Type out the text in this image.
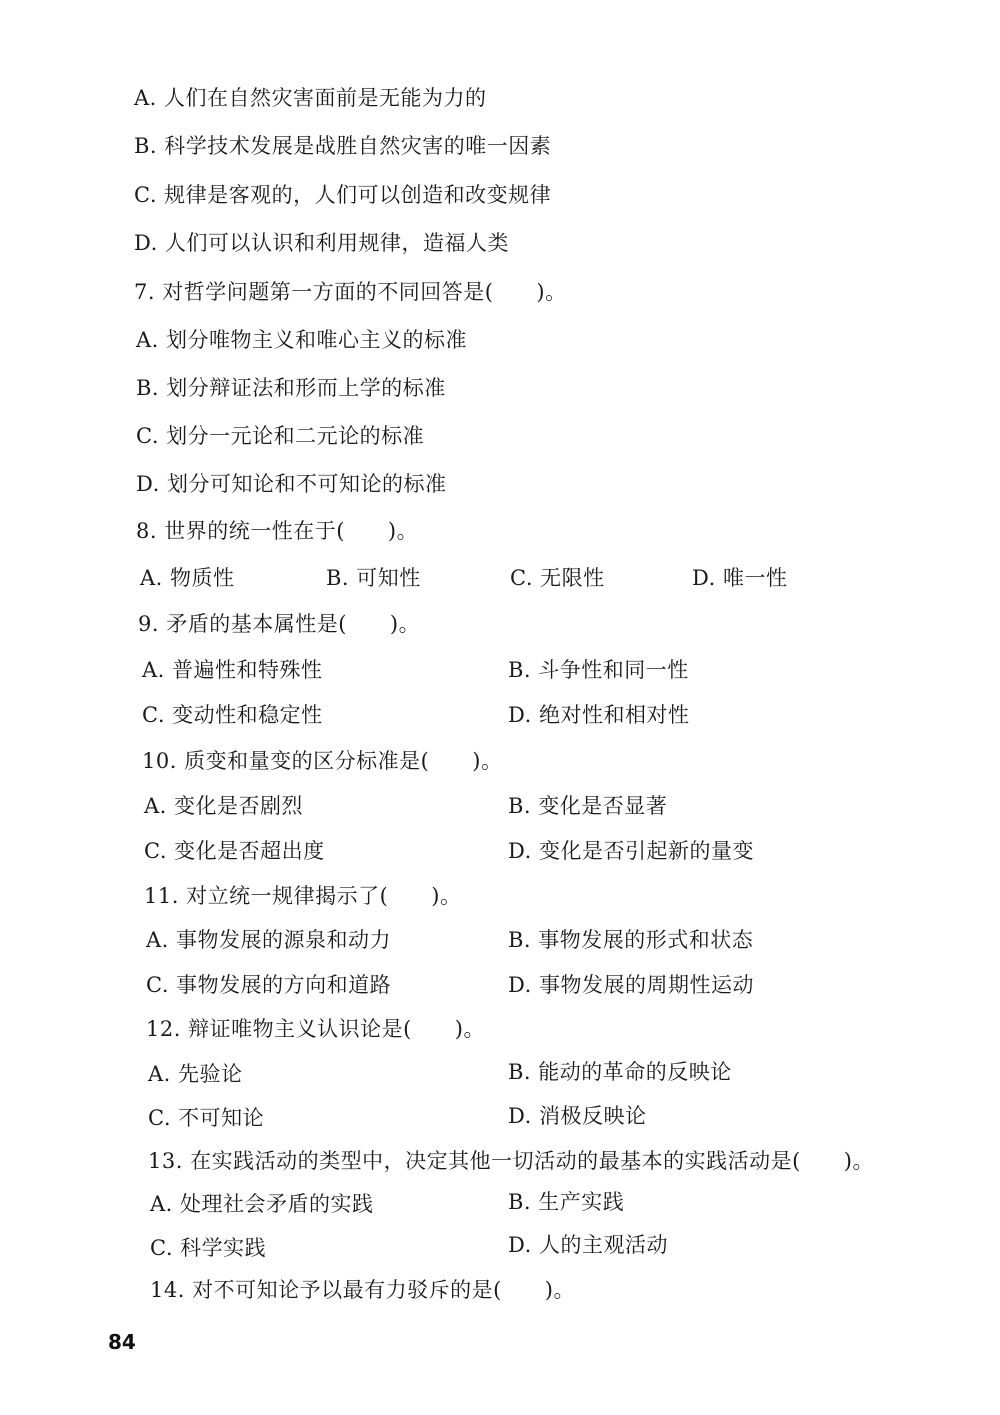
A. 人们在自然灾害面前是无能为力的
B. 科学技术发展是战胜自然灾害的唯一因素
C. 规律是客观的，人们可以创造和改变规律
D. 人们可以认识和利用规律，造福人类
7. 对哲学问题第一方面的不同回答是(　　)。
A. 划分唯物主义和唯心主义的标准
B. 划分辩证法和形而上学的标准
C. 划分一元论和二元论的标准
D. 划分可知论和不可知论的标准
8. 世界的统一性在于(　　)。
A. 物质性	B. 可知性	C. 无限性	D. 唯一性
9. 矛盾的基本属性是(　　)。
A. 普遍性和特殊性	B. 斗争性和同一性
C. 变动性和稳定性	D. 绝对性和相对性
10. 质变和量变的区分标准是(　　)。
A. 变化是否剧烈	B. 变化是否显著
C. 变化是否超出度	D. 变化是否引起新的量变
11. 对立统一规律揭示了(　　)。
A. 事物发展的源泉和动力	B. 事物发展的形式和状态
C. 事物发展的方向和道路	D. 事物发展的周期性运动
12. 辩证唯物主义认识论是(　　)。
A. 先验论	B. 能动的革命的反映论
C. 不可知论	D. 消极反映论
13. 在实践活动的类型中，决定其他一切活动的最基本的实践活动是(　　)。
A. 处理社会矛盾的实践	B. 生产实践
C. 科学实践	D. 人的主观活动
14. 对不可知论予以最有力驳斥的是(　　)。
84
